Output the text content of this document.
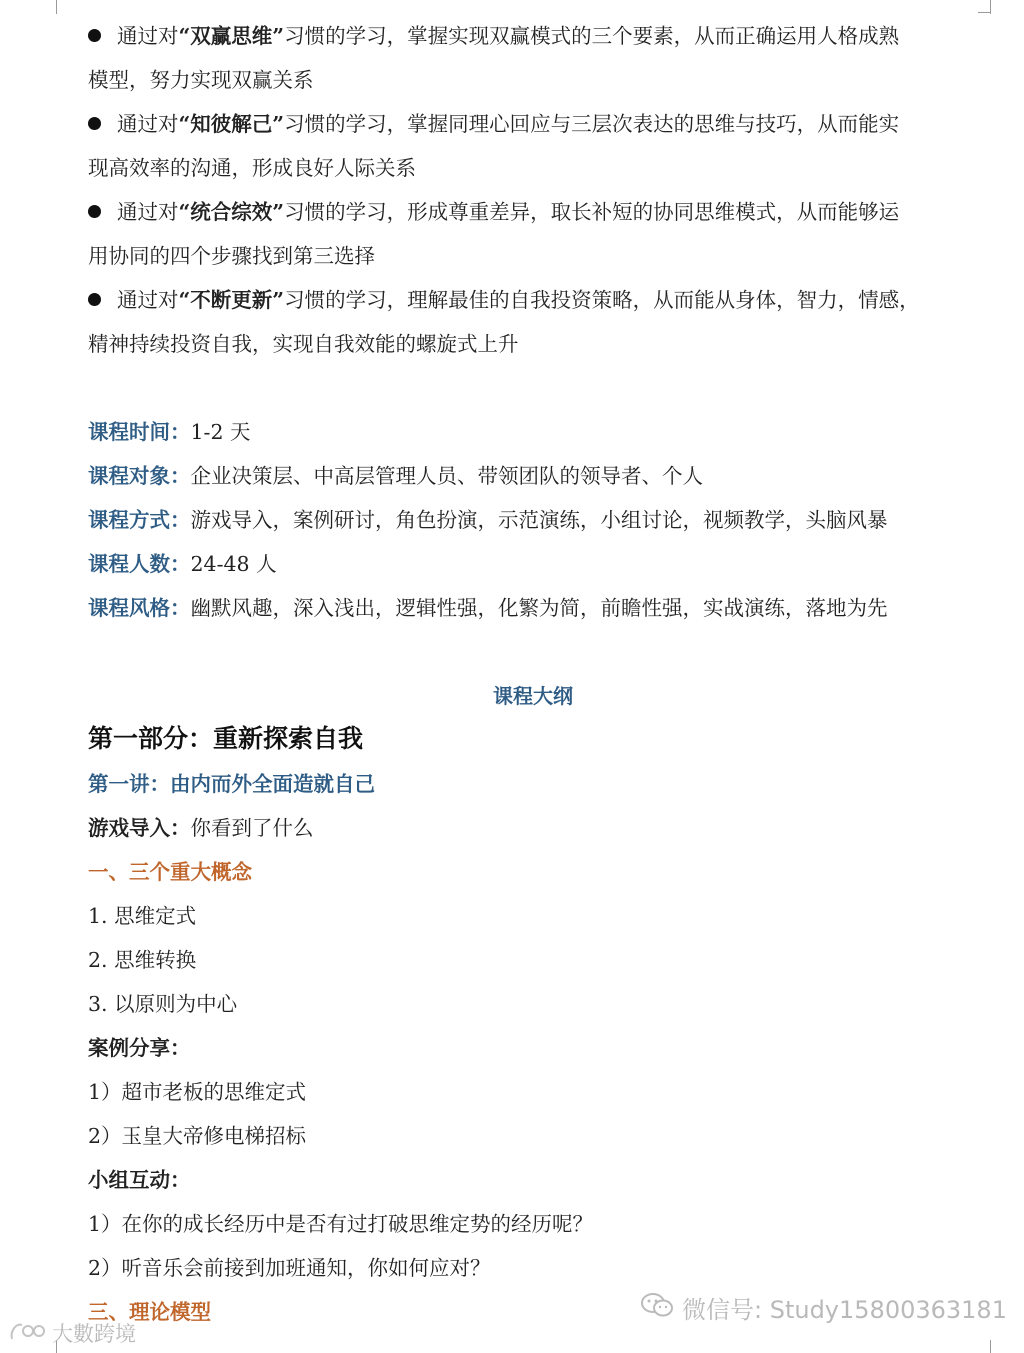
通过对“双赢思维”习惯的学习，掌握实现双赢模式的三个要素，从而正确运用人格成熟
模型，努力实现双赢关系
通过对“知彼解己”习惯的学习，掌握同理心回应与三层次表达的思维与技巧，从而能实
现高效率的沟通，形成良好人际关系
通过对“统合综效”习惯的学习，形成尊重差异，取长补短的协同思维模式，从而能够运
用协同的四个步骤找到第三选择
通过对“不断更新”习惯的学习，理解最佳的自我投资策略，从而能从身体，智力，情感，
精神持续投资自我，实现自我效能的螺旋式上升
课程时间：1-2 天
课程对象：企业决策层、中高层管理人员、带领团队的领导者、个人
课程方式：游戏导入，案例研讨，角色扮演，示范演练，小组讨论，视频教学，头脑风暴
课程人数：24-48 人
课程风格：幽默风趣，深入浅出，逻辑性强，化繁为简，前瞻性强，实战演练，落地为先
课程大纲
第一部分：重新探索自我
第一讲：由内而外全面造就自己
游戏导入：你看到了什么
一、三个重大概念
1. 思维定式
2. 思维转换
3. 以原则为中心
案例分享：
1）超市老板的思维定式
2）玉皇大帝修电梯招标
小组互动：
1）在你的成长经历中是否有过打破思维定势的经历呢？
2）听音乐会前接到加班通知，你如何应对？
三、理论模型	微信号: Study15800363181
大數跨境
